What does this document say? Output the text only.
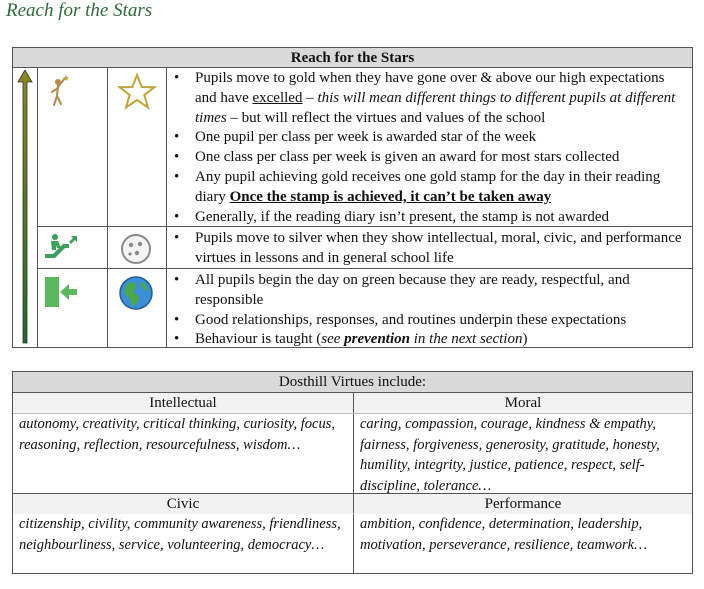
Reach for the Stars
Reach for the Stars
• Pupils move to gold when they have gone over & above our high expectations and have excelled – this will mean different things to different pupils at different times – but will reflect the virtues and values of the school
• One pupil per class per week is awarded star of the week
• One class per class per week is given an award for most stars collected
• Any pupil achieving gold receives one gold stamp for the day in their reading diary Once the stamp is achieved, it can’t be taken away
• Generally, if the reading diary isn’t present, the stamp is not awarded
• Pupils move to silver when they show intellectual, moral, civic, and performance virtues in lessons and in general school life
• All pupils begin the day on green because they are ready, respectful, and responsible
• Good relationships, responses, and routines underpin these expectations
• Behaviour is taught (see prevention in the next section)
Dosthill Virtues include:
Intellectual	Moral
autonomy, creativity, critical thinking, curiosity, focus, reasoning, reflection, resourcefulness, wisdom…
caring, compassion, courage, kindness & empathy, fairness, forgiveness, generosity, gratitude, honesty, humility, integrity, justice, patience, respect, self-discipline, tolerance…
Civic	Performance
citizenship, civility, community awareness, friendliness, neighbourliness, service, volunteering, democracy…
ambition, confidence, determination, leadership, motivation, perseverance, resilience, teamwork…
